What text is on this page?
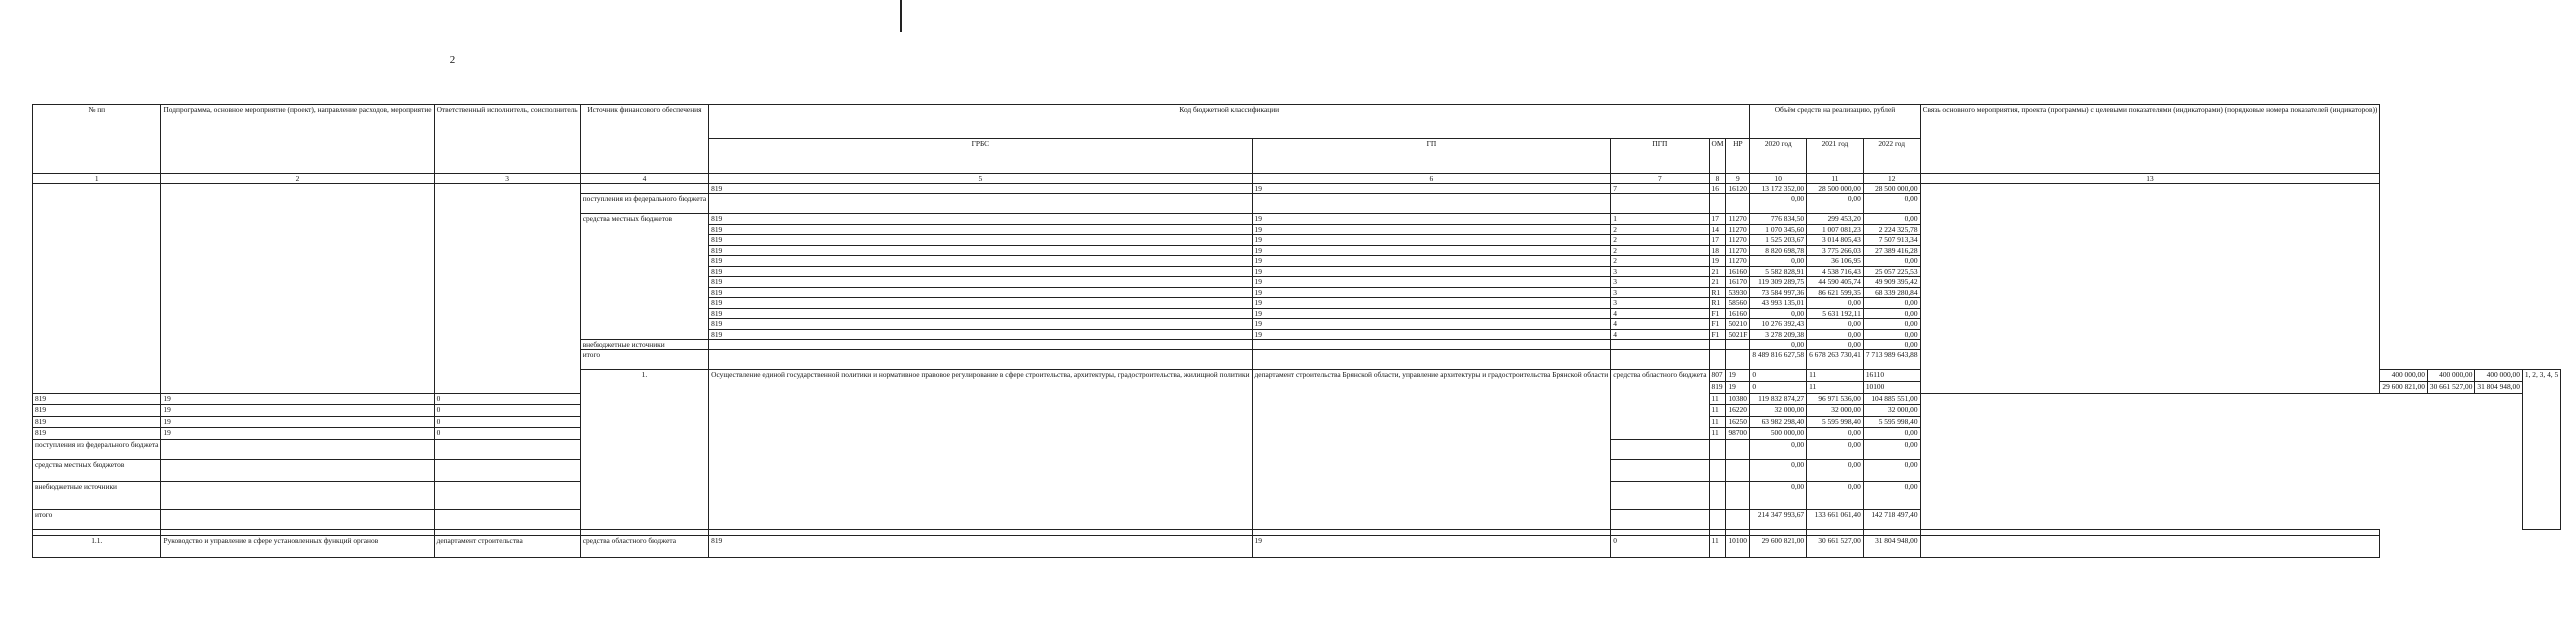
2
№ пп	Подпрограмма, основное мероприятие (проект), направление расходов, мероприятие	Ответственный исполнитель, соисполнитель	Источник финансового обеспечения	Код бюджетной классификации					Объём средств на реализацию, рублей			Связь основного мероприятия, проекта (программы) с целевыми показателями (индикаторами) (порядковые номера показателей (индикаторов))				
				ГРБС	ГП	ПГП	ОМ	НР	2020 год	2021 год	2022 год					
1	2	3	4	5	6	7	8	9	10	11	12	13				
				819	19	7	16	16120	13 172 352,00	28 500 000,00	28 500 000,00					
			поступления из федерального бюджета						0,00	0,00	0,00					
			средства местных бюджетов	819	19	1	17	11270	776 834,50	299 453,20	0,00					
				819	19	2	14	11270	1 070 345,60	1 007 081,23	2 224 325,78					
				819	19	2	17	11270	1 525 203,67	3 014 805,43	7 507 913,34					
				819	19	2	18	11270	8 820 698,78	3 775 266,03	27 389 416,28					
				819	19	2	19	11270	0,00	36 106,95	0,00					
				819	19	3	21	16160	5 582 828,91	4 538 716,43	25 057 225,53					
				819	19	3	21	16170	119 309 289,75	44 590 405,74	49 909 395,42					
				819	19	3	R1	53930	73 584 997,36	86 621 599,35	68 339 280,84					
				819	19	3	R1	58560	43 993 135,01	0,00	0,00					
				819	19	4	F1	16160	0,00	5 631 192,11	0,00					
				819	19	4	F1	50210	10 276 392,43	0,00	0,00					
				819	19	4	F1	5021F	3 278 209,38	0,00	0,00					
			внебюджетные источники						0,00	0,00	0,00					
			итого						8 489 816 627,58	6 678 263 730,41	7 713 989 643,88					
			1.	Осуществление единой государственной политики и нормативное правовое регулирование в сфере строительства, архитектуры, градостроительства, жилищной политики	департамент строительства Брянской области, управление архитектуры и градостроительства Брянской области	средства областного бюджета	807	19	0	11	16110		400 000,00	400 000,00	400 000,00	1, 2, 3, 4, 5
							819	19	0	11	10100		29 600 821,00	30 661 527,00	31 804 948,00	
819	19	0					11	10380	119 832 874,27	96 971 536,00	104 885 551,00					
819	19	0					11	16220	32 000,00	32 000,00	32 000,00					
819	19	0					11	16250	63 982 298,40	5 595 998,40	5 595 998,40					
819	19	0					11	98700	500 000,00	0,00	0,00					
поступления из федерального бюджета									0,00	0,00	0,00					
средства местных бюджетов									0,00	0,00	0,00					
внебюджетные источники									0,00	0,00	0,00					
итого									214 347 993,67	133 661 061,40	142 718 497,40					

1.1.	Руководство и управление в сфере установленных функций органов	департамент строительства	средства областного бюджета	819	19	0	11	10100	29 600 821,00	30 661 527,00	31 804 948,00					
